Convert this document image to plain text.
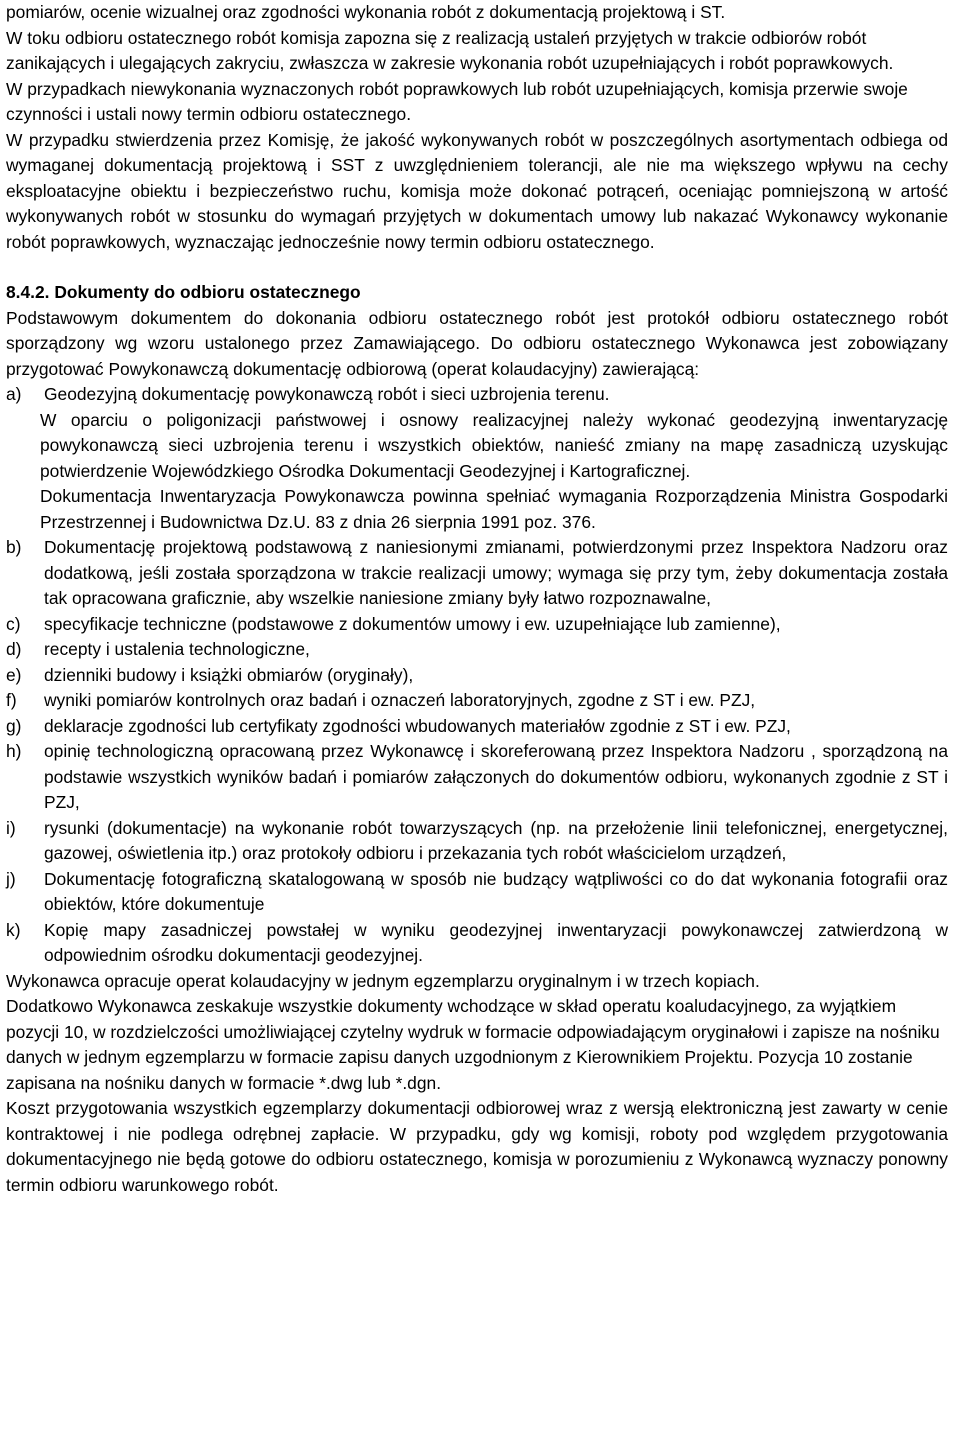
pomiarów, ocenie wizualnej oraz zgodności wykonania robót z dokumentacją projektową i ST.

W toku odbioru ostatecznego robót komisja zapozna się z realizacją ustaleń przyjętych w trakcie odbiorów robót zanikających i ulegających zakryciu, zwłaszcza w zakresie wykonania robót uzupełniających i robót poprawkowych.

W przypadkach niewykonania wyznaczonych robót poprawkowych lub robót uzupełniających, komisja przerwie swoje czynności i ustali nowy termin odbioru ostatecznego.

W przypadku stwierdzenia przez Komisję, że jakość wykonywanych robót w poszczególnych asortymentach odbiega od wymaganej dokumentacją projektową i SST z uwzględnieniem tolerancji, ale nie ma większego wpływu na cechy eksploatacyjne obiektu i bezpieczeństwo ruchu, komisja może dokonać potrąceń, oceniając pomniejszoną w artość wykonywanych robót w stosunku do wymagań przyjętych w dokumentach umowy lub nakazać Wykonawcy wykonanie robót poprawkowych, wyznaczając jednocześnie nowy termin odbioru ostatecznego.

8.4.2. Dokumenty do odbioru ostatecznego

Podstawowym dokumentem do dokonania odbioru ostatecznego robót jest protokół odbioru ostatecznego robót sporządzony wg wzoru ustalonego przez Zamawiającego. Do odbioru ostatecznego Wykonawca jest zobowiązany przygotować Powykonawczą dokumentację odbiorową (operat kolaudacyjny) zawierającą:

a) Geodezyjną dokumentację powykonawczą robót i sieci uzbrojenia terenu.

W oparciu o poligonizacji państwowej i osnowy realizacyjnej należy wykonać geodezyjną inwentaryzację powykonawczą sieci uzbrojenia terenu i wszystkich obiektów, nanieść zmiany na mapę zasadniczą uzyskując potwierdzenie Wojewódzkiego Ośrodka Dokumentacji Geodezyjnej i Kartograficznej.

Dokumentacja Inwentaryzacja Powykonawcza powinna spełniać wymagania Rozporządzenia Ministra Gospodarki Przestrzennej i Budownictwa Dz.U. 83 z dnia 26 sierpnia 1991 poz. 376.

b) Dokumentację projektową podstawową z naniesionymi zmianami, potwierdzonymi przez Inspektora Nadzoru oraz dodatkową, jeśli została sporządzona w trakcie realizacji umowy; wymaga się przy tym, żeby dokumentacja została tak opracowana graficznie, aby wszelkie naniesione zmiany były łatwo rozpoznawalne,
c) specyfikacje techniczne (podstawowe z dokumentów umowy i ew. uzupełniające lub zamienne),
d) recepty i ustalenia technologiczne,
e) dzienniki budowy i książki obmiarów (oryginały),
f) wyniki pomiarów kontrolnych oraz badań i oznaczeń laboratoryjnych, zgodne z ST i ew. PZJ,
g) deklaracje zgodności lub certyfikaty zgodności wbudowanych materiałów zgodnie z ST i ew. PZJ,
h) opinię technologiczną opracowaną przez Wykonawcę i skoreferowaną przez Inspektora Nadzoru , sporządzoną na podstawie wszystkich wyników badań i pomiarów załączonych do dokumentów odbioru, wykonanych zgodnie z ST i PZJ,
i) rysunki (dokumentacje) na wykonanie robót towarzyszących (np. na przełożenie linii telefonicznej, energetycznej, gazowej, oświetlenia itp.) oraz protokoły odbioru i przekazania tych robót właścicielom urządzeń,
j) Dokumentację fotograficzną skatalogowaną w sposób nie budzący wątpliwości co do dat wykonania fotografii oraz obiektów, które dokumentuje
k) Kopię mapy zasadniczej powstałej w wyniku geodezyjnej inwentaryzacji powykonawczej zatwierdzoną w odpowiednim ośrodku dokumentacji geodezyjnej.

Wykonawca opracuje operat kolaudacyjny w jednym egzemplarzu oryginalnym i w trzech kopiach.

Dodatkowo Wykonawca zeskakuje wszystkie dokumenty wchodzące w skład operatu koaludacyjnego, za wyjątkiem pozycji 10, w rozdzielczości umożliwiającej czytelny wydruk w formacie odpowiadającym oryginałowi i zapisze na nośniku danych w jednym egzemplarzu w formacie zapisu danych uzgodnionym z Kierownikiem Projektu. Pozycja 10 zostanie zapisana na nośniku danych w formacie *.dwg lub *.dgn.

Koszt przygotowania wszystkich egzemplarzy dokumentacji odbiorowej wraz z wersją elektroniczną jest zawarty w cenie kontraktowej i nie podlega odrębnej zapłacie. W przypadku, gdy wg komisji, roboty pod względem przygotowania dokumentacyjnego nie będą gotowe do odbioru ostatecznego, komisja w porozumieniu z Wykonawcą wyznaczy ponowny termin odbioru warunkowego robót.
